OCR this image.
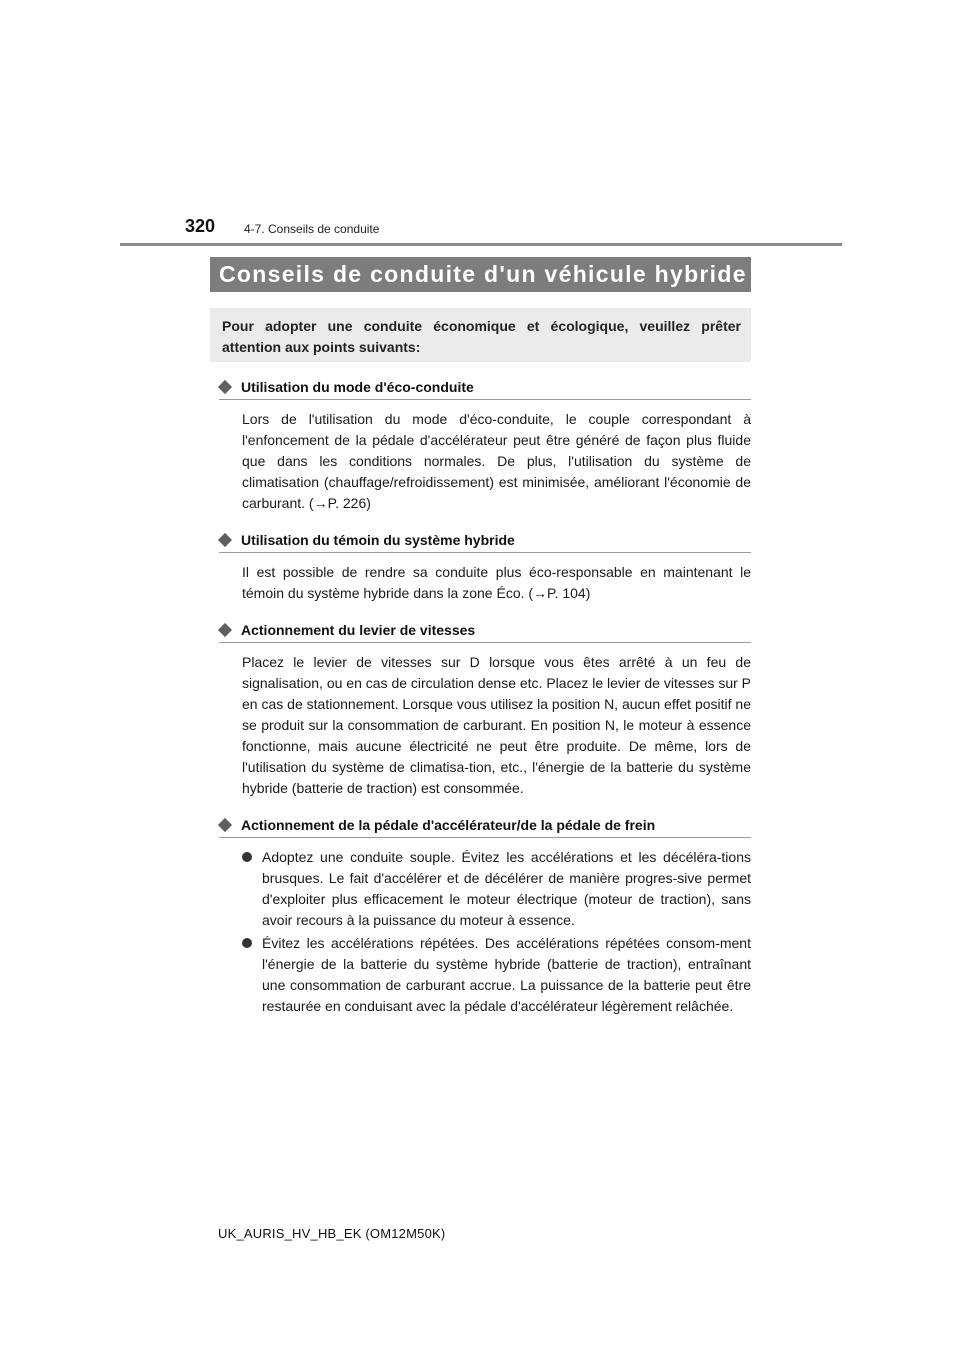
320 4-7. Conseils de conduite
Conseils de conduite d'un véhicule hybride
Pour adopter une conduite économique et écologique, veuillez prêter attention aux points suivants:
Utilisation du mode d'éco-conduite
Lors de l'utilisation du mode d'éco-conduite, le couple correspondant à l'enfoncement de la pédale d'accélérateur peut être généré de façon plus fluide que dans les conditions normales. De plus, l'utilisation du système de climatisation (chauffage/refroidissement) est minimisée, améliorant l'économie de carburant. (→P. 226)
Utilisation du témoin du système hybride
Il est possible de rendre sa conduite plus éco-responsable en maintenant le témoin du système hybride dans la zone Éco. (→P. 104)
Actionnement du levier de vitesses
Placez le levier de vitesses sur D lorsque vous êtes arrêté à un feu de signalisation, ou en cas de circulation dense etc. Placez le levier de vitesses sur P en cas de stationnement. Lorsque vous utilisez la position N, aucun effet positif ne se produit sur la consommation de carburant. En position N, le moteur à essence fonctionne, mais aucune électricité ne peut être produite. De même, lors de l'utilisation du système de climatisa-tion, etc., l'énergie de la batterie du système hybride (batterie de traction) est consommée.
Actionnement de la pédale d'accélérateur/de la pédale de frein
Adoptez une conduite souple. Évitez les accélérations et les décéléra-tions brusques. Le fait d'accélérer et de décélérer de manière progres-sive permet d'exploiter plus efficacement le moteur électrique (moteur de traction), sans avoir recours à la puissance du moteur à essence.
Évitez les accélérations répétées. Des accélérations répétées consom-ment l'énergie de la batterie du système hybride (batterie de traction), entraînant une consommation de carburant accrue. La puissance de la batterie peut être restaurée en conduisant avec la pédale d'accélérateur légèrement relâchée.
UK_AURIS_HV_HB_EK (OM12M50K)
